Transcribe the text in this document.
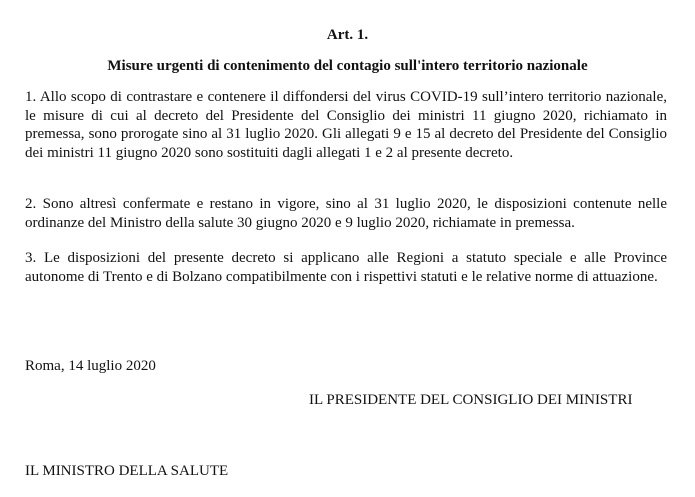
Art. 1.
Misure urgenti di contenimento del contagio sull'intero territorio nazionale

1. Allo scopo di contrastare e contenere il diffondersi del virus COVID-19 sull’intero territorio nazionale, le misure di cui al decreto del Presidente del Consiglio dei ministri 11 giugno 2020, richiamato in premessa, sono prorogate sino al 31 luglio 2020. Gli allegati 9 e 15 al decreto del Presidente del Consiglio dei ministri 11 giugno 2020 sono sostituiti dagli allegati 1 e 2 al presente decreto.

2. Sono altresì confermate e restano in vigore, sino al 31 luglio 2020, le disposizioni contenute nelle ordinanze del Ministro della salute 30 giugno 2020 e 9 luglio 2020, richiamate in premessa.

3. Le disposizioni del presente decreto si applicano alle Regioni a statuto speciale e alle Province autonome di Trento e di Bolzano compatibilmente con i rispettivi statuti e le relative norme di attuazione.

Roma, 14 luglio 2020
IL PRESIDENTE DEL CONSIGLIO DEI MINISTRI
IL MINISTRO DELLA SALUTE
